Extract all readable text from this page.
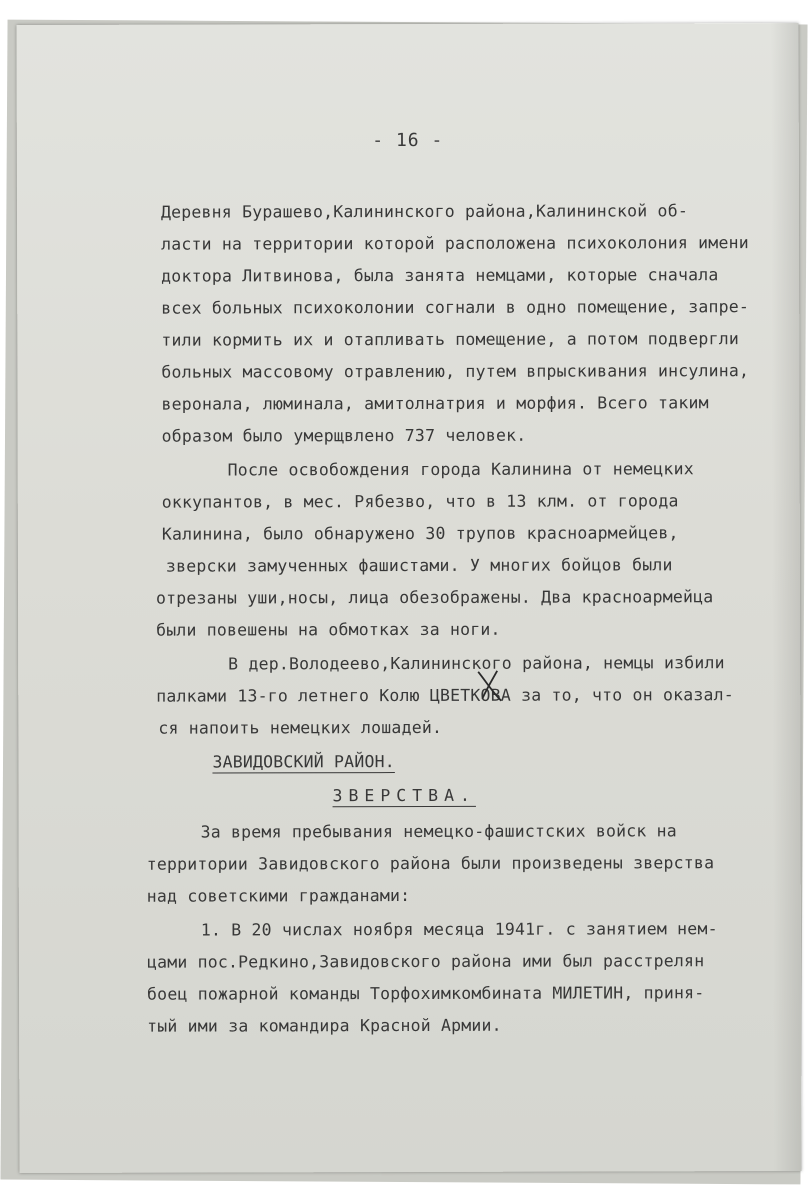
- 16 -
Деревня Бурашево,Калининского района,Калининской об-
ласти на территории которой расположена психоколония имени
доктора Литвинова, была занята немцами, которые сначала
всех больных психоколонии согнали в одно помещение, запре-
тили кормить их и отапливать помещение, а потом подвергли
больных массовому отравлению, путем впрыскивания инсулина,
веронала, люминала, амитолнатрия и морфия. Всего таким
образом было умерщвлено 737 человек.
После освобождения города Калинина от немецких
оккупантов, в мес. Рябезво, что в 13 клм. от города
Калинина, было обнаружено 30 трупов красноармейцев,
зверски замученных фашистами. У многих бойцов были
отрезаны уши,носы, лица обезображены. Два красноармейца
были повешены на обмотках за ноги.
В дер.Володеево,Калининского района, немцы избили
палками 13-го летнего Колю ЦВЕТКОВА за то, что он оказал-
ся напоить немецких лошадей.
ЗАВИДОВСКИЙ РАЙОН.
ЗВЕРСТВА.
За время пребывания немецко-фашистских войск на
территории Завидовского района были произведены зверства
над советскими гражданами:
1. В 20 числах ноября месяца 1941г. с занятием нем-
цами пос.Редкино,Завидовского района ими был расстрелян
боец пожарной команды Торфохимкомбината МИЛЕТИН, приня-
тый ими за командира Красной Армии.
